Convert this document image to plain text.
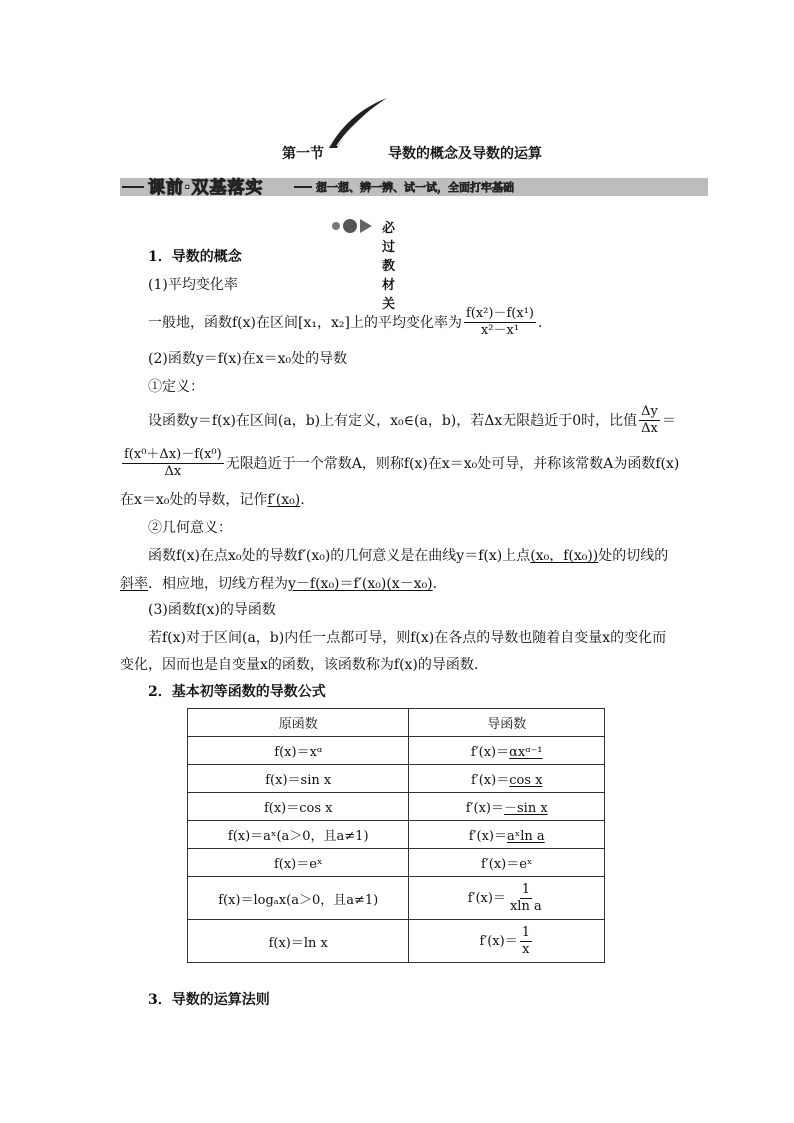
第一节	导数的概念及导数的运算
课前·双基落实	想一想、辨一辨、试一试，全面打牢基础
必过教材关
1．导数的概念
(1)平均变化率
一般地，函数f(x)在区间[x₁，x₂]上的平均变化率为 $\frac{\text{f(x²)－f(x¹)}}{\text{x²－x¹}}$ .
(2)函数y＝f(x)在x＝x₀处的导数
①定义：
设函数y＝f(x)在区间(a，b)上有定义，x₀∈(a，b)，若Δx无限趋近于0时，比值 $\frac{\Delta y}{\Delta x}$ ＝
$\frac{\text{f(x⁰＋Δx)－f(x⁰)}}{\Delta x}$ 无限趋近于一个常数A，则称f(x)在x＝x₀处可导，并称该常数A为函数f(x)
在x＝x₀处的导数，记作f′(x₀).
②几何意义：
函数f(x)在点x₀处的导数f′(x₀)的几何意义是在曲线y＝f(x)上点(x₀，f(x₀))处的切线的
斜率．相应地，切线方程为y－f(x₀)＝f′(x₀)(x－x₀).
(3)函数f(x)的导函数
若f(x)对于区间(a，b)内任一点都可导，则f(x)在各点的导数也随着自变量x的变化而
变化，因而也是自变量x的函数，该函数称为f(x)的导函数.
2．基本初等函数的导数公式
原函数	导函数
f(x)＝xᵅ	f′(x)＝αxᵅ⁻¹
f(x)＝sin x	f′(x)＝cos x
f(x)＝cos x	f′(x)＝－sin x
f(x)＝aˣ(a＞0，且a≠1)	f′(x)＝aˣln a
f(x)＝eˣ	f′(x)＝eˣ
f(x)＝logₐx(a＞0，且a≠1)	$f'(x)= \frac{1}{\text{xln a}}$

f(x)＝ln x	$f'(x)= \frac{1}{x}$
3．导数的运算法则
